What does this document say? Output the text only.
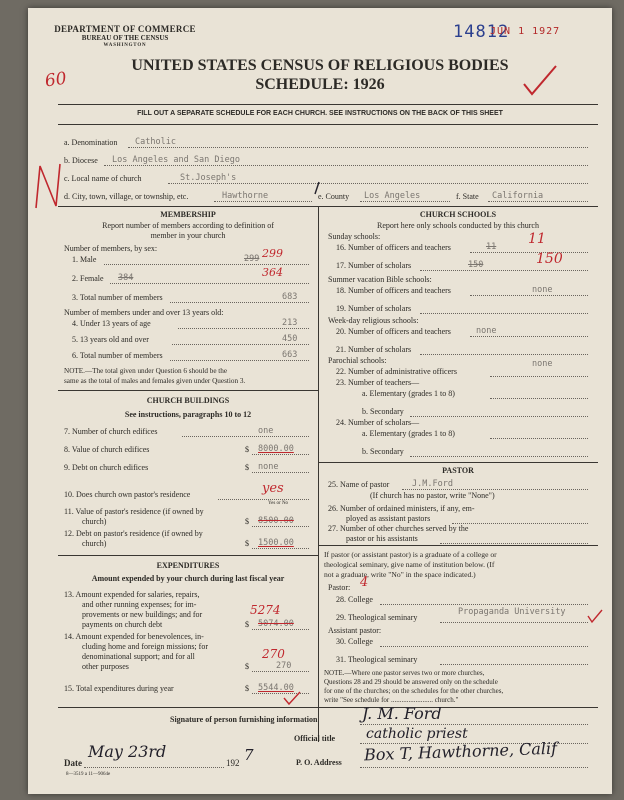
DEPARTMENT OF COMMERCE
BUREAU OF THE CENSUS
WASHINGTON
14812
JUN 1 1927
60
UNITED STATES CENSUS OF RELIGIOUS BODIES
SCHEDULE: 1926
FILL OUT A SEPARATE SCHEDULE FOR EACH CHURCH. SEE INSTRUCTIONS ON THE BACK OF THIS SHEET
a. Denomination Catholic
b. Diocese Los Angeles and San Diego
c. Local name of church	St.Joseph's
d. City, town, village, or township, etc.	Hawthorne	e. County Los Angeles	f. State California
MEMBERSHIP
Report number of members according to definition of
member in your church
Number of members, by sex:
1. Male	299 299
2. Female 384	364
3. Total number of members	683
Number of members under and over 13 years old:
4. Under 13 years of age	213
5. 13 years old and over	450
6. Total number of members	663
NOTE.—The total given under Question 6 should be the
same as the total of males and females given under Question 3.
CHURCH BUILDINGS
See instructions, paragraphs 10 to 12
7. Number of church edifices	one
8. Value of church edifices	$ 8000.00
9. Debt on church edifices	$ none
10. Does church own pastor's residence	yes
Yes or No
11. Value of pastor's residence (if owned by
church)	$ 8500.00
12. Debt on pastor's residence (if owned by
church)	$ 1500.00
EXPENDITURES
Amount expended by your church during last fiscal year
13. Amount expended for salaries, repairs,
and other running expenses; for im-
provements or new buildings; and for
payments on church debt	$ 5074.00
5274
14. Amount expended for benevolences, in-
cluding home and foreign missions; for
denominational support; and for all
other purposes	$	270
270
15. Total expenditures during year	$ 5544.00
CHURCH SCHOOLS
Report here only schools conducted by this church
Sunday schools:
16. Number of officers and teachers	11 11
17. Number of scholars	150	150
Summer vacation Bible schools:
18. Number of officers and teachers	none
19. Number of scholars
Week-day religious schools:
20. Number of officers and teachers	none
21. Number of scholars
Parochial schools:	none
22. Number of administrative officers
23. Number of teachers—
a. Elementary (grades 1 to 8)
b. Secondary
24. Number of scholars—
a. Elementary (grades 1 to 8)
b. Secondary
PASTOR
25. Name of pastor	J.M.Ford
(If church has no pastor, write "None")
26. Number of ordained ministers, if any, em-
ployed as assistant pastors
27. Number of other churches served by the
pastor or his assistants
If pastor (or assistant pastor) is a graduate of a college or
theological seminary, give name of institution below. (If
not a graduate, write "No" in the space indicated.)
Pastor: 4
28. College
29. Theological seminary
Propaganda University
Assistant pastor:
30. College
31. Theological seminary
NOTE.—Where one pastor serves two or more churches,
Questions 28 and 29 should be answered only on the schedule
for one of the churches; on the schedules for the other churches,
write "See schedule for ........................ church."
Signature of person furnishing information	J. M. Ford
Official title catholic priest
Date
May 23rd
192 7
8—3519 a 11—9064e
P. O. Address Box T, Hawthorne, Calif
